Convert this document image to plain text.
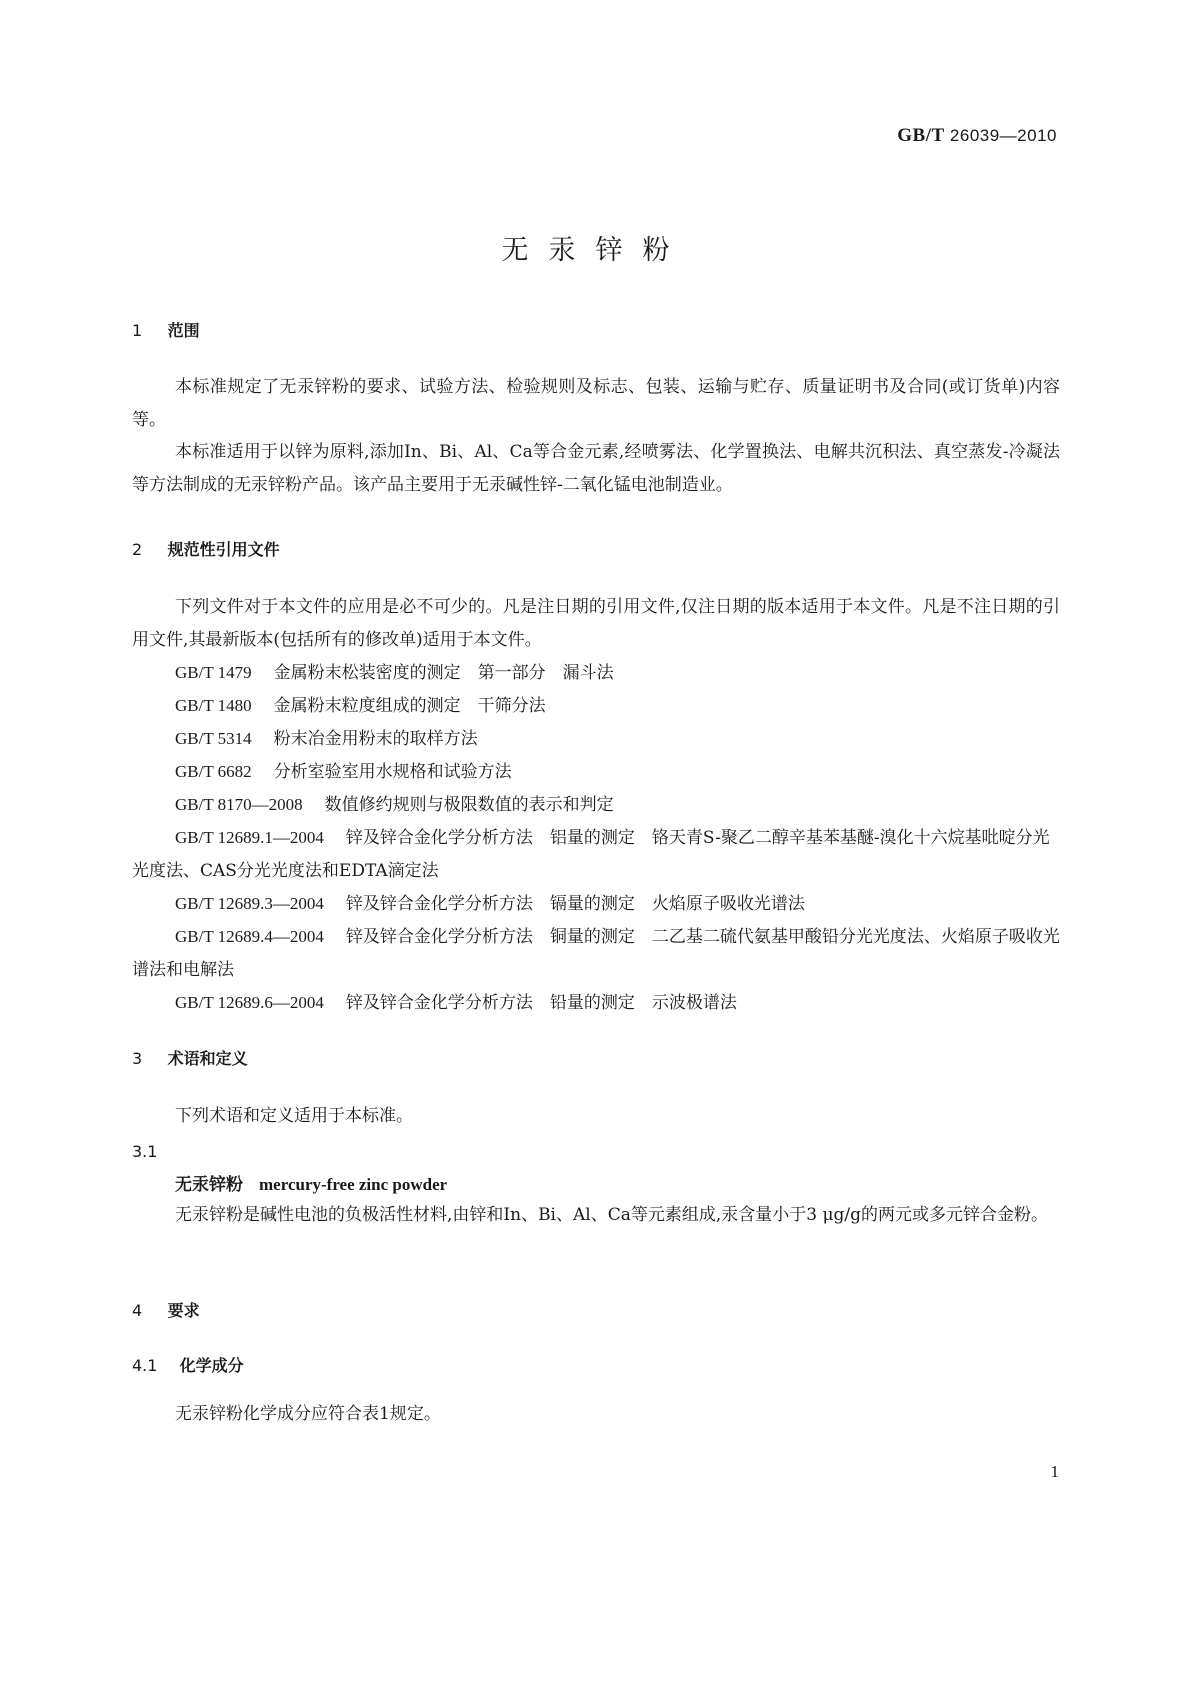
GB/T 26039—2010
无汞锌粉
1 范围
本标准规定了无汞锌粉的要求、试验方法、检验规则及标志、包装、运输与贮存、质量证明书及合同(或订货单)内容等。
本标准适用于以锌为原料,添加In、Bi、Al、Ca等合金元素,经喷雾法、化学置换法、电解共沉积法、真空蒸发-冷凝法等方法制成的无汞锌粉产品。该产品主要用于无汞碱性锌-二氧化锰电池制造业。
2 规范性引用文件
下列文件对于本文件的应用是必不可少的。凡是注日期的引用文件,仅注日期的版本适用于本文件。凡是不注日期的引用文件,其最新版本(包括所有的修改单)适用于本文件。
GB/T 1479 金属粉末松装密度的测定　第一部分　漏斗法
GB/T 1480 金属粉末粒度组成的测定　干筛分法
GB/T 5314 粉末冶金用粉末的取样方法
GB/T 6682 分析室验室用水规格和试验方法
GB/T 8170—2008 数值修约规则与极限数值的表示和判定
GB/T 12689.1—2004 锌及锌合金化学分析方法　铝量的测定　铬天青S-聚乙二醇辛基苯基醚-溴化十六烷基吡啶分光光度法、CAS分光光度法和EDTA滴定法
GB/T 12689.3—2004 锌及锌合金化学分析方法　镉量的测定　火焰原子吸收光谱法
GB/T 12689.4—2004 锌及锌合金化学分析方法　铜量的测定　二乙基二硫代氨基甲酸铅分光光度法、火焰原子吸收光谱法和电解法
GB/T 12689.6—2004 锌及锌合金化学分析方法　铅量的测定　示波极谱法
3 术语和定义
下列术语和定义适用于本标准。
3.1
无汞锌粉 mercury-free zinc powder
无汞锌粉是碱性电池的负极活性材料,由锌和In、Bi、Al、Ca等元素组成,汞含量小于3 μg/g的两元或多元锌合金粉。
4 要求
4.1 化学成分
无汞锌粉化学成分应符合表1规定。
1
